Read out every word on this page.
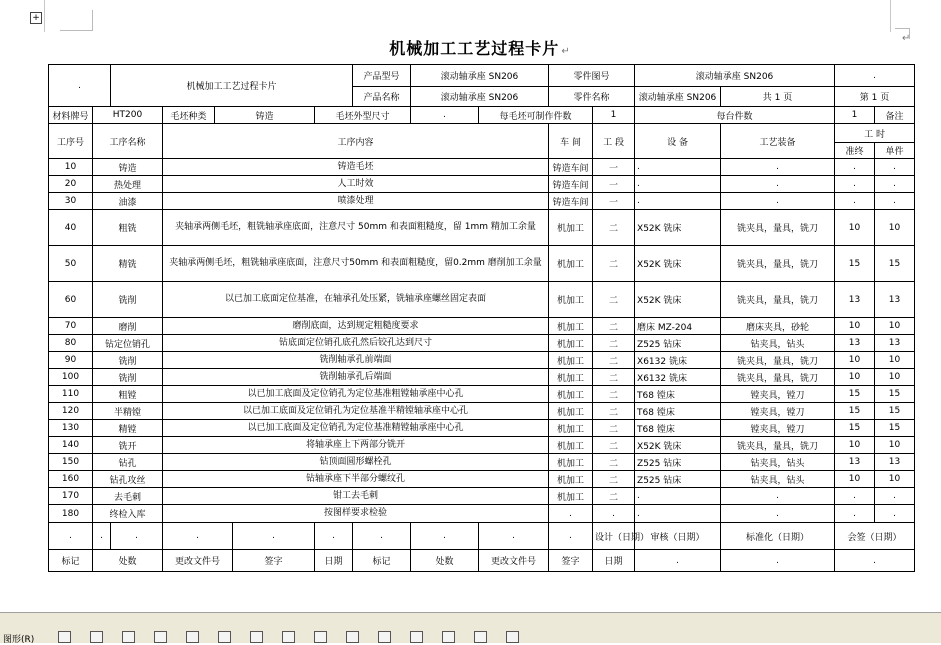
+
↵
机械加工工艺过程卡片 ↵
.		机械加工工艺过程卡片					产品型号	滚动轴承座 SN206		零件图号		滚动轴承座 SN206		.	
							产品名称	滚动轴承座 SN206		零件名称		滚动轴承座 SN206	共 1 页	第 1 页	
材料牌号	HT200		毛坯种类	铸造		毛坯外型尺寸		.	每毛坯可制作件数		1	每台件数		1	备注
工序号	工序名称		工序内容							车 间	工 段	设 备	工艺装备	工 时	
														准终	单件
10	铸造		铸造毛坯							铸造车间	一	.	.	.	.
20	热处理		人工时效							铸造车间	一	.	.	.	.
30	油漆		喷漆处理							铸造车间	一	.	.	.	.
40	粗铣		夹轴承两侧毛坯，粗铣轴承座底面，注意尺寸 50mm 和表面粗糙度，留 1mm 精加工余量							机加工	二	X52K 铣床	铣夹具，量具，铣刀	10	10
50	精铣		夹轴承两侧毛坯，粗铣轴承座底面，注意尺寸50mm 和表面粗糙度，留0.2mm 磨削加工余量							机加工	二	X52K 铣床	铣夹具，量具，铣刀	15	15
60	铣削		以已加工底面定位基准，在轴承孔处压紧，铣轴承座螺丝固定表面							机加工	二	X52K 铣床	铣夹具，量具，铣刀	13	13
70	磨削		磨削底面，达到规定粗糙度要求							机加工	二	磨床 MZ-204	磨床夹具，砂轮	10	10
80	钻定位销孔		钻底面定位销孔底孔然后铰孔达到尺寸							机加工	二	Z525 钻床	钻夹具，钻头	13	13
90	铣削		铣削轴承孔前端面							机加工	二	X6132 铣床	铣夹具，量具，铣刀	10	10
100	铣削		铣削轴承孔后端面							机加工	二	X6132 铣床	铣夹具，量具，铣刀	10	10
110	粗镗		以已加工底面及定位销孔为定位基准粗镗轴承座中心孔							机加工	二	T68 镗床	镗夹具，镗刀	15	15
120	半精镗		以已加工底面及定位销孔为定位基准半精镗轴承座中心孔							机加工	二	T68 镗床	镗夹具，镗刀	15	15
130	精镗		以已加工底面及定位销孔为定位基准精镗轴承座中心孔							机加工	二	T68 镗床	镗夹具，镗刀	15	15
140	铣开		将轴承座上下两部分铣开							机加工	二	X52K 铣床	铣夹具，量具，铣刀	10	10
150	钻孔		钻顶面圆形螺栓孔							机加工	二	Z525 钻床	钻夹具，钻头	13	13
160	钻孔攻丝		钻轴承座下半部分螺纹孔							机加工	二	Z525 钻床	钻夹具，钻头	10	10
170	去毛刺		钳工去毛刺							机加工	二	.	.	.	.
180	终检入库		按图样要求检验							.	.	.	.	.	.
.	.	.	.		.	.	.	.	.	.	设计（日期）	审核（日期）	标准化（日期）	会签（日期）	
标记	处数		更改文件号		签字	日期	标记	处数	更改文件号	签字	日期	.	.	.	
图形(R)
